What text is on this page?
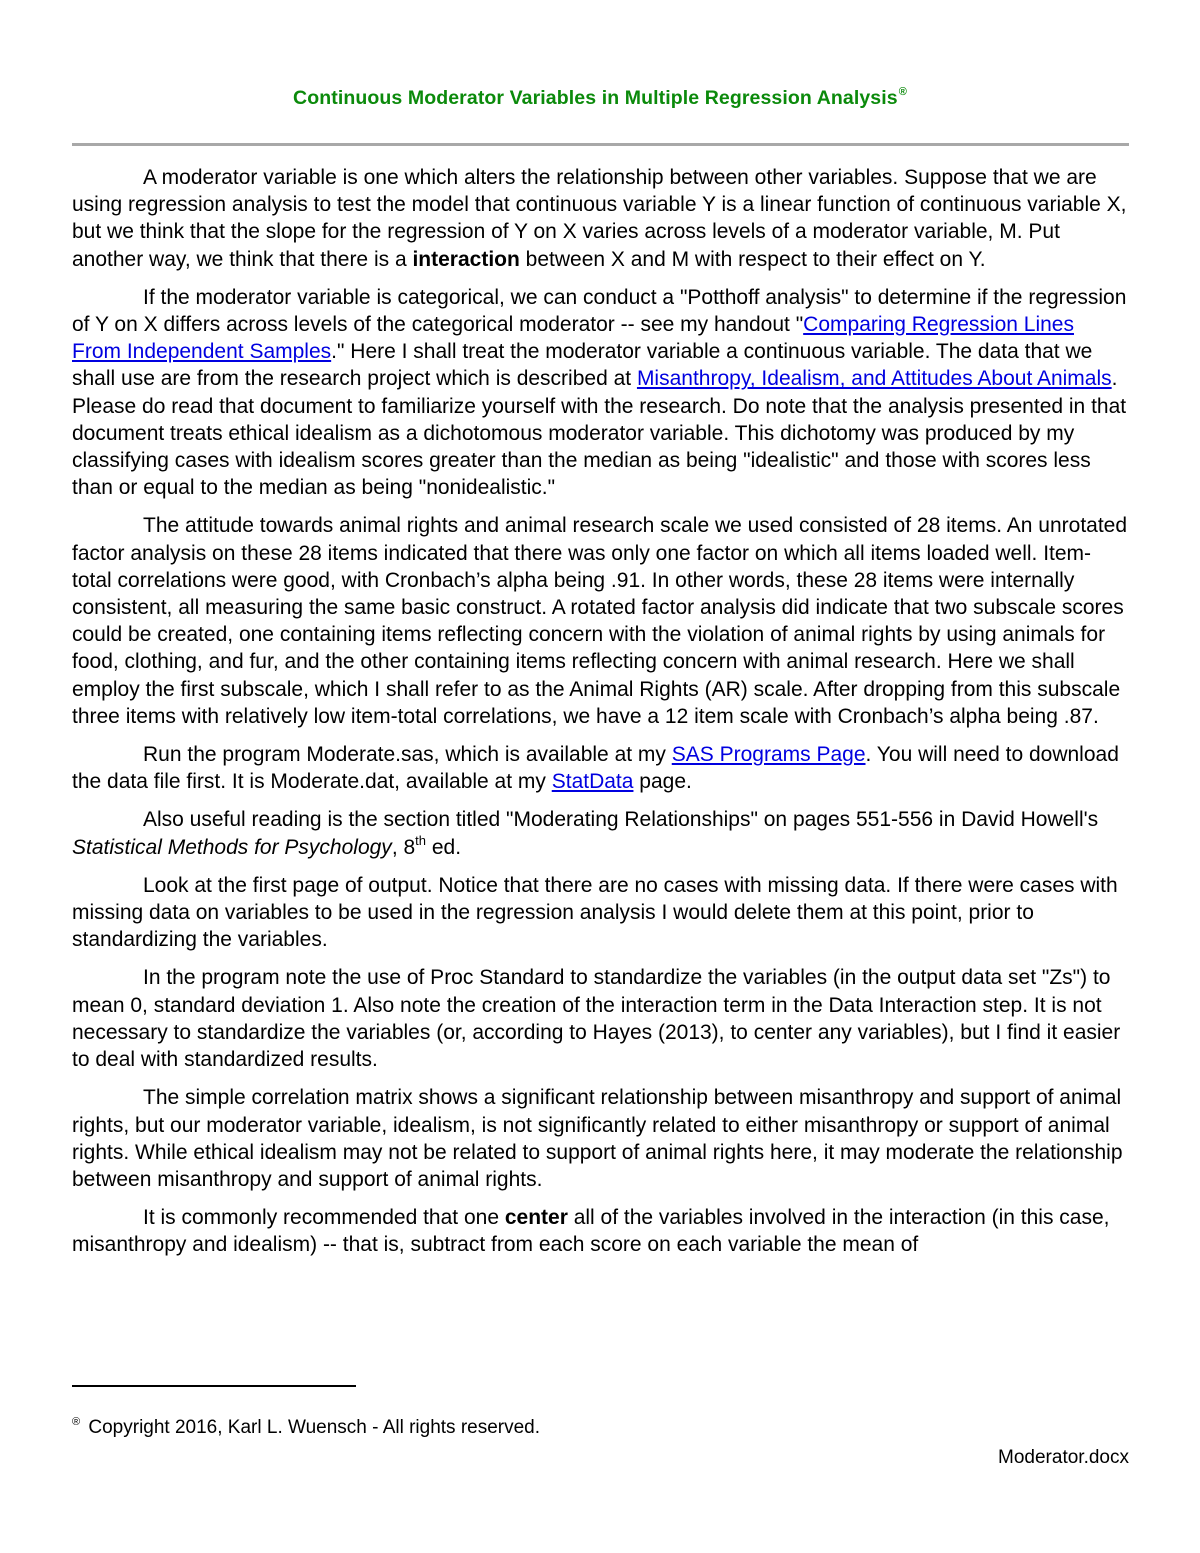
Continuous Moderator Variables in Multiple Regression Analysis®

A moderator variable is one which alters the relationship between other variables. Suppose that we are using regression analysis to test the model that continuous variable Y is a linear function of continuous variable X, but we think that the slope for the regression of Y on X varies across levels of a moderator variable, M. Put another way, we think that there is a interaction between X and M with respect to their effect on Y.

If the moderator variable is categorical, we can conduct a "Potthoff analysis" to determine if the regression of Y on X differs across levels of the categorical moderator -- see my handout "Comparing Regression Lines From Independent Samples." Here I shall treat the moderator variable a continuous variable. The data that we shall use are from the research project which is described at Misanthropy, Idealism, and Attitudes About Animals. Please do read that document to familiarize yourself with the research. Do note that the analysis presented in that document treats ethical idealism as a dichotomous moderator variable. This dichotomy was produced by my classifying cases with idealism scores greater than the median as being "idealistic" and those with scores less than or equal to the median as being "nonidealistic."

The attitude towards animal rights and animal research scale we used consisted of 28 items. An unrotated factor analysis on these 28 items indicated that there was only one factor on which all items loaded well. Item-total correlations were good, with Cronbach’s alpha being .91. In other words, these 28 items were internally consistent, all measuring the same basic construct. A rotated factor analysis did indicate that two subscale scores could be created, one containing items reflecting concern with the violation of animal rights by using animals for food, clothing, and fur, and the other containing items reflecting concern with animal research. Here we shall employ the first subscale, which I shall refer to as the Animal Rights (AR) scale. After dropping from this subscale three items with relatively low item-total correlations, we have a 12 item scale with Cronbach’s alpha being .87.

Run the program Moderate.sas, which is available at my SAS Programs Page. You will need to download the data file first. It is Moderate.dat, available at my StatData page.

Also useful reading is the section titled "Moderating Relationships" on pages 551-556 in David Howell's Statistical Methods for Psychology, 8th ed.

Look at the first page of output. Notice that there are no cases with missing data. If there were cases with missing data on variables to be used in the regression analysis I would delete them at this point, prior to standardizing the variables.

In the program note the use of Proc Standard to standardize the variables (in the output data set "Zs") to mean 0, standard deviation 1. Also note the creation of the interaction term in the Data Interaction step. It is not necessary to standardize the variables (or, according to Hayes (2013), to center any variables), but I find it easier to deal with standardized results.

The simple correlation matrix shows a significant relationship between misanthropy and support of animal rights, but our moderator variable, idealism, is not significantly related to either misanthropy or support of animal rights. While ethical idealism may not be related to support of animal rights here, it may moderate the relationship between misanthropy and support of animal rights.

It is commonly recommended that one center all of the variables involved in the interaction (in this case, misanthropy and idealism) -- that is, subtract from each score on each variable the mean of

® Copyright 2016, Karl L. Wuensch - All rights reserved.
Moderator.docx
